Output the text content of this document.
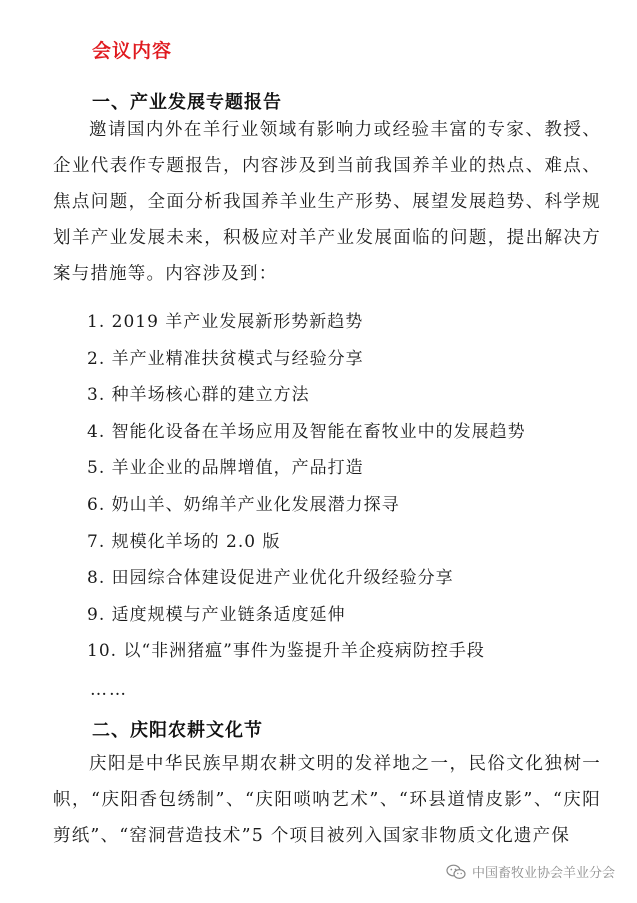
会议内容
一、产业发展专题报告

邀请国内外在羊行业领域有影响力或经验丰富的专家、教授、企业代表作专题报告，内容涉及到当前我国养羊业的热点、难点、焦点问题，全面分析我国养羊业生产形势、展望发展趋势、科学规划羊产业发展未来，积极应对羊产业发展面临的问题，提出解决方案与措施等。内容涉及到：

1. 2019 羊产业发展新形势新趋势
2. 羊产业精准扶贫模式与经验分享
3. 种羊场核心群的建立方法
4. 智能化设备在羊场应用及智能在畜牧业中的发展趋势
5. 羊业企业的品牌增值，产品打造
6. 奶山羊、奶绵羊产业化发展潜力探寻
7. 规模化羊场的 2.0 版
8. 田园综合体建设促进产业优化升级经验分享
9. 适度规模与产业链条适度延伸
10. 以“非洲猪瘟”事件为鉴提升羊企疫病防控手段
……
二、庆阳农耕文化节

庆阳是中华民族早期农耕文明的发祥地之一，民俗文化独树一帜，“庆阳香包绣制”、“庆阳唢呐艺术”、“环县道情皮影”、“庆阳剪纸”、“窑洞营造技术”5 个项目被列入国家非物质文化遗产保

中国畜牧业协会羊业分会
